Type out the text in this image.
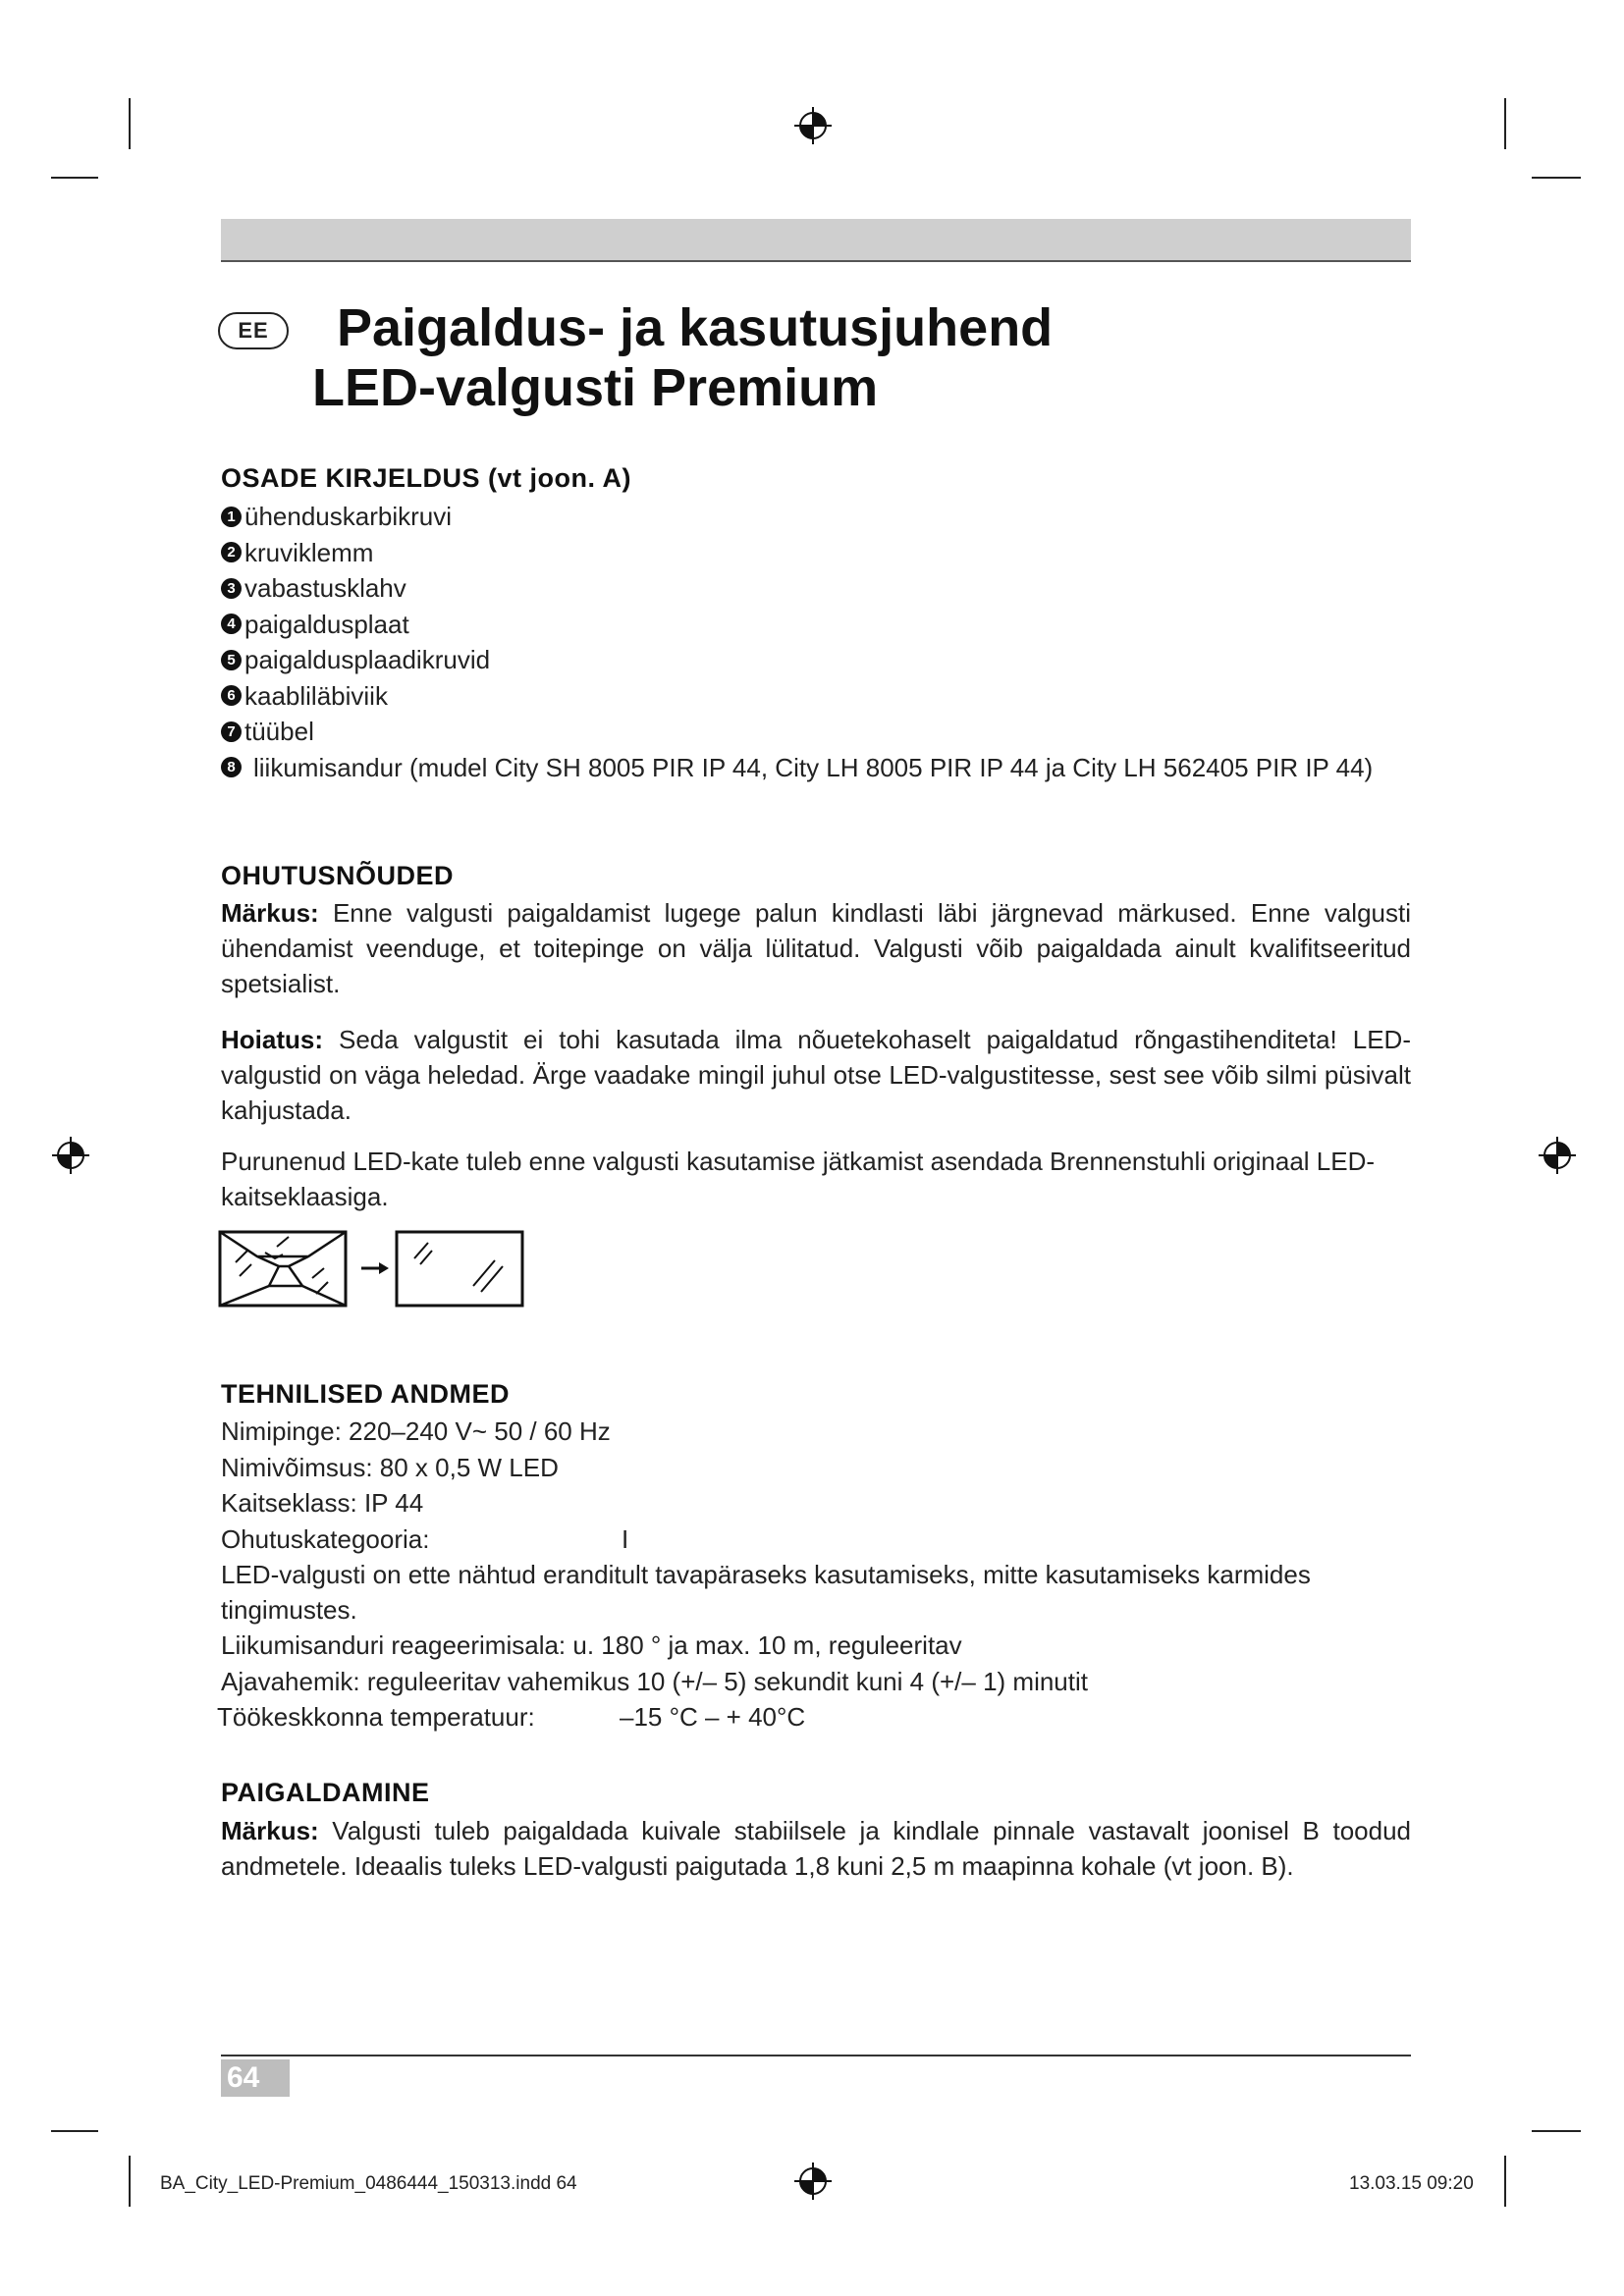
EE	Paigaldus- ja kasutusjuhend
LED-valgusti Premium
OSADE KIRJELDUS (vt joon. A)
1 ühenduskarbikruvi
2 kruviklemm
3 vabastusklahv
4 paigaldusplaat
5 paigaldusplaadikruvid
6 kaabliläbiviik
7 tüübel
8 liikumisandur (mudel City SH 8005 PIR IP 44, City LH 8005 PIR IP 44 ja City LH 562405 PIR IP 44)
OHUTUSNÕUDED
Märkus: Enne valgusti paigaldamist lugege palun kindlasti läbi järgnevad märkused. Enne valgusti ühendamist veenduge, et toitepinge on välja lülitatud. Valgusti võib paigaldada ainult kvalifitseeritud spetsialist.
Hoiatus: Seda valgustit ei tohi kasutada ilma nõuetekohaselt paigaldatud rõngastihenditeta! LED-valgustid on väga heledad. Ärge vaadake mingil juhul otse LED-valgustitesse, sest see võib silmi püsivalt kahjustada.
Purunenud LED-kate tuleb enne valgusti kasutamise jätkamist asendada Brennenstuhli originaal LED-kaitseklaasiga.
TEHNILISED ANDMED
Nimipinge: 220–240 V~ 50 / 60 Hz
Nimivõimsus: 80 x 0,5 W LED
Kaitseklass: IP 44
Ohutuskategooria:	I
LED-valgusti on ette nähtud eranditult tavapäraseks kasutamiseks, mitte kasutamiseks karmides tingimustes.
Liikumisanduri reageerimisala: u. 180 ° ja max. 10 m, reguleeritav
Ajavahemik: reguleeritav vahemikus 10 (+/– 5) sekundit kuni 4 (+/– 1) minutit
Töökeskkonna temperatuur:	–15 °C – + 40°C
PAIGALDAMINE
Märkus: Valgusti tuleb paigaldada kuivale stabiilsele ja kindlale pinnale vastavalt joonisel B toodud andmetele. Ideaalis tuleks LED-valgusti paigutada 1,8 kuni 2,5 m maapinna kohale (vt joon. B).
64
BA_City_LED-Premium_0486444_150313.indd 64	13.03.15 09:20
